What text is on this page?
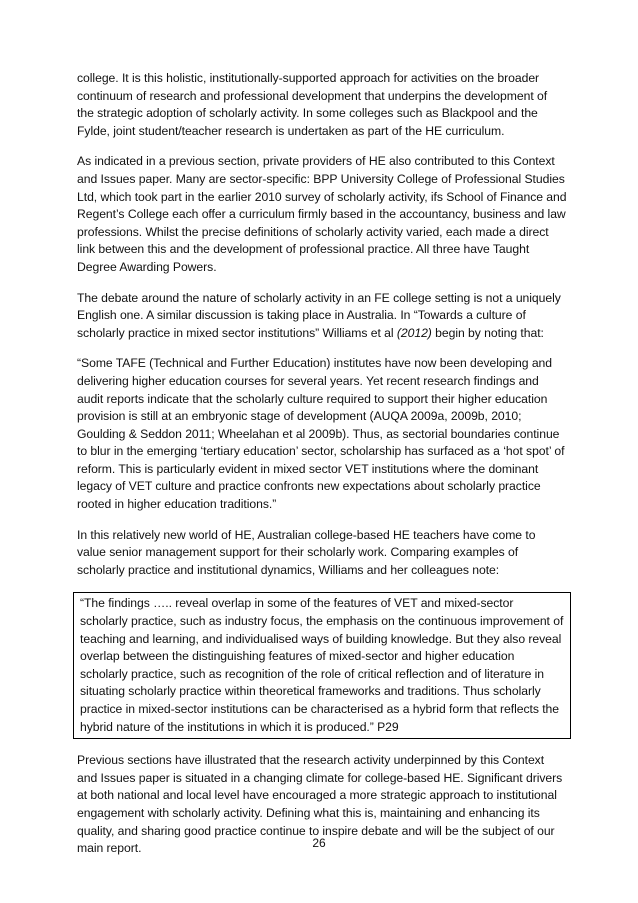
college. It is this holistic, institutionally-supported approach for activities on the broader continuum of research and professional development that underpins the development of the strategic adoption of scholarly activity. In some colleges such as Blackpool and the Fylde, joint student/teacher research is undertaken as part of the HE curriculum.

As indicated in a previous section, private providers of HE also contributed to this Context and Issues paper. Many are sector-specific: BPP University College of Professional Studies Ltd, which took part in the earlier 2010 survey of scholarly activity, ifs School of Finance and Regent’s College each offer a curriculum firmly based in the accountancy, business and law professions. Whilst the precise definitions of scholarly activity varied, each made a direct link between this and the development of professional practice. All three have Taught Degree Awarding Powers.

The debate around the nature of scholarly activity in an FE college setting is not a uniquely English one. A similar discussion is taking place in Australia. In “Towards a culture of scholarly practice in mixed sector institutions” Williams et al (2012) begin by noting that:

“Some TAFE (Technical and Further Education) institutes have now been developing and delivering higher education courses for several years. Yet recent research findings and audit reports indicate that the scholarly culture required to support their higher education provision is still at an embryonic stage of development (AUQA 2009a, 2009b, 2010; Goulding & Seddon 2011; Wheelahan et al 2009b). Thus, as sectorial boundaries continue to blur in the emerging ‘tertiary education’ sector, scholarship has surfaced as a ‘hot spot’ of reform. This is particularly evident in mixed sector VET institutions where the dominant legacy of VET culture and practice confronts new expectations about scholarly practice rooted in higher education traditions.”

In this relatively new world of HE, Australian college-based HE teachers have come to value senior management support for their scholarly work. Comparing examples of scholarly practice and institutional dynamics, Williams and her colleagues note:

“The findings ….. reveal overlap in some of the features of VET and mixed-sector scholarly practice, such as industry focus, the emphasis on the continuous improvement of teaching and learning, and individualised ways of building knowledge. But they also reveal overlap between the distinguishing features of mixed-sector and higher education scholarly practice, such as recognition of the role of critical reflection and of literature in situating scholarly practice within theoretical frameworks and traditions. Thus scholarly practice in mixed-sector institutions can be characterised as a hybrid form that reflects the hybrid nature of the institutions in which it is produced.” P29

Previous sections have illustrated that the research activity underpinned by this Context and Issues paper is situated in a changing climate for college-based HE. Significant drivers at both national and local level have encouraged a more strategic approach to institutional engagement with scholarly activity. Defining what this is, maintaining and enhancing its quality, and sharing good practice continue to inspire debate and will be the subject of our main report.	26
